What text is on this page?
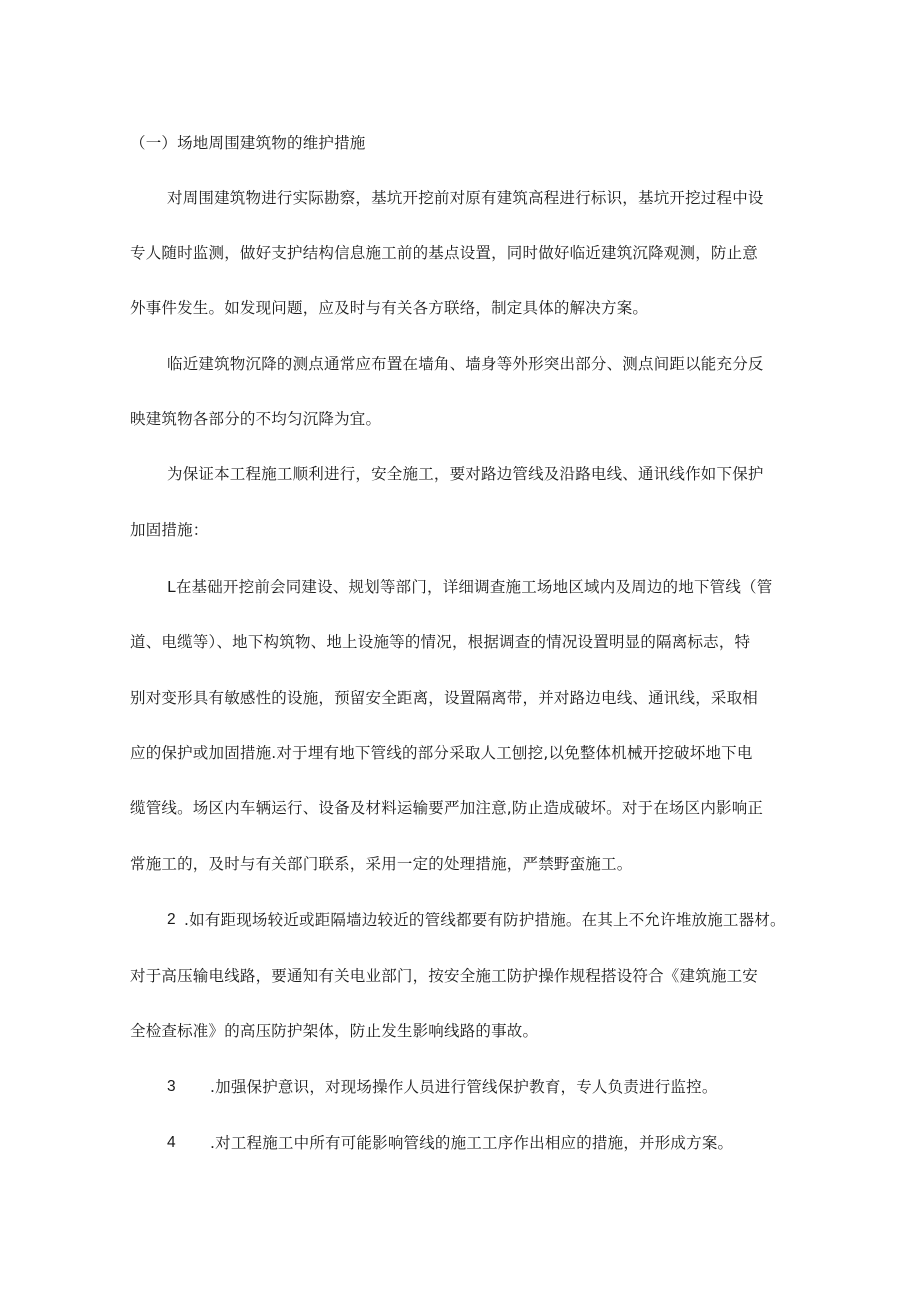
（一）场地周围建筑物的维护措施
对周围建筑物进行实际勘察，基坑开挖前对原有建筑高程进行标识，基坑开挖过程中设
专人随时监测，做好支护结构信息施工前的基点设置，同时做好临近建筑沉降观测，防止意
外事件发生。如发现问题，应及时与有关各方联络，制定具体的解决方案。
临近建筑物沉降的测点通常应布置在墙角、墙身等外形突出部分、测点间距以能充分反
映建筑物各部分的不均匀沉降为宜。
为保证本工程施工顺利进行，安全施工，要对路边管线及沿路电线、通讯线作如下保护
加固措施：
L在基础开挖前会同建设、规划等部门，详细调查施工场地区域内及周边的地下管线（管
道、电缆等）、地下构筑物、地上设施等的情况，根据调查的情况设置明显的隔离标志，特
别对变形具有敏感性的设施，预留安全距离，设置隔离带，并对路边电线、通讯线，采取相
应的保护或加固措施.对于埋有地下管线的部分采取人工刨挖,以免整体机械开挖破坏地下电
缆管线。场区内车辆运行、设备及材料运输要严加注意,防止造成破坏。对于在场区内影响正
常施工的，及时与有关部门联系，采用一定的处理措施，严禁野蛮施工。
2 .如有距现场较近或距隔墙边较近的管线都要有防护措施。在其上不允许堆放施工器材。
对于高压输电线路，要通知有关电业部门，按安全施工防护操作规程搭设符合《建筑施工安
全检查标准》的高压防护架体，防止发生影响线路的事故。
3 .加强保护意识，对现场操作人员进行管线保护教育，专人负责进行监控。
4 .对工程施工中所有可能影响管线的施工工序作出相应的措施，并形成方案。
